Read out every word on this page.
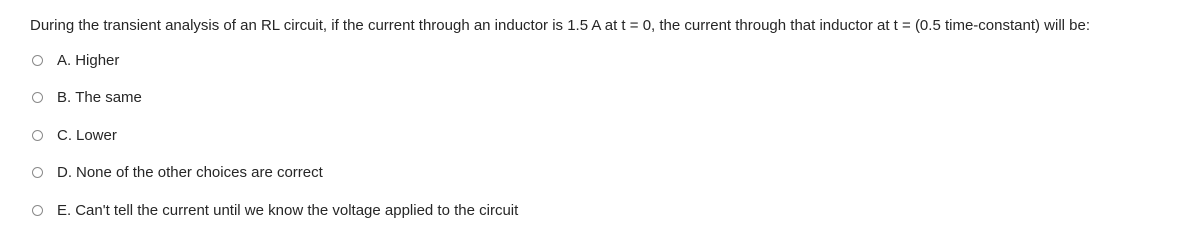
During the transient analysis of an RL circuit, if the current through an inductor is 1.5 A at t = 0, the current through that inductor at t = (0.5 time-constant) will be:
A. Higher
B. The same
C. Lower
D. None of the other choices are correct
E. Can't tell the current until we know the voltage applied to the circuit
